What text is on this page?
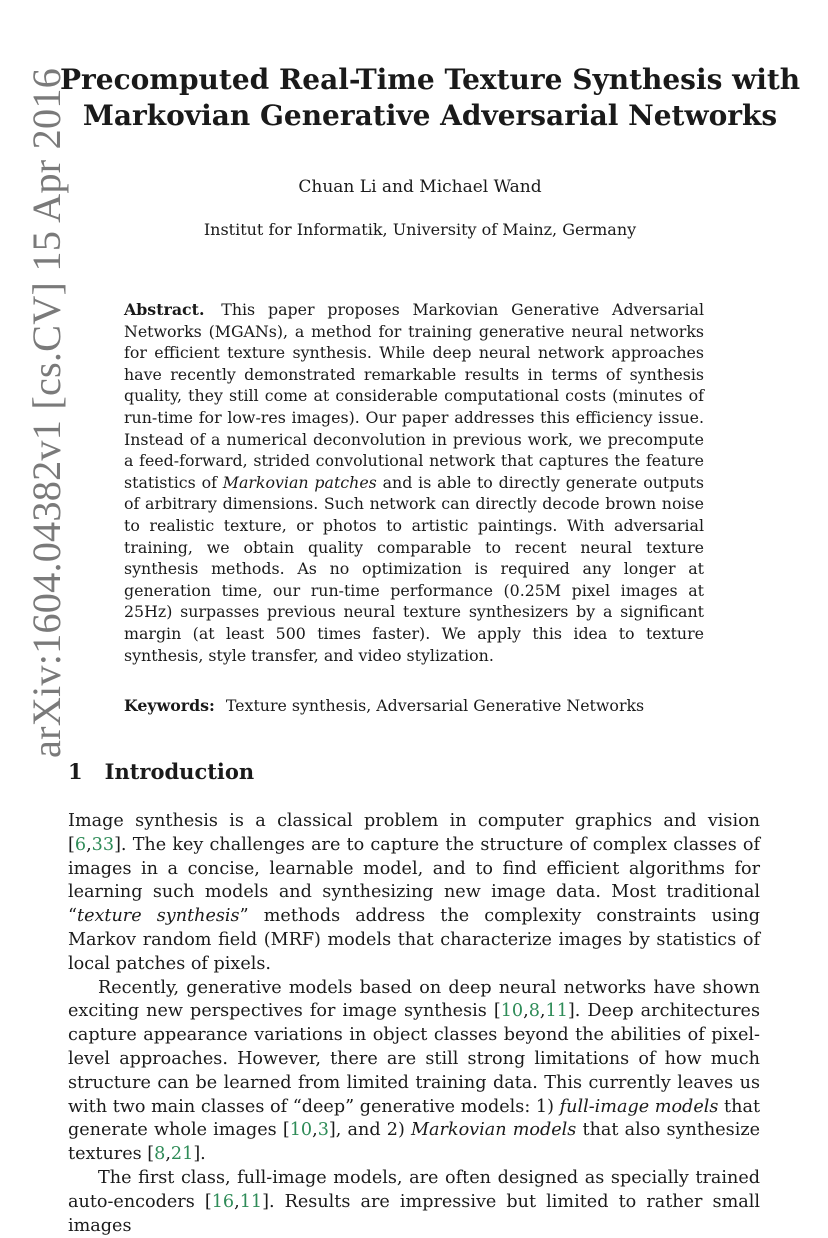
arXiv:1604.04382v1 [cs.CV] 15 Apr 2016
Precomputed Real-Time Texture Synthesis with
Markovian Generative Adversarial Networks
Chuan Li and Michael Wand
Institut for Informatik, University of Mainz, Germany
Abstract. This paper proposes Markovian Generative Adversarial Networks (MGANs), a method for training generative neural networks for efficient texture synthesis. While deep neural network approaches have recently demonstrated remarkable results in terms of synthesis quality, they still come at considerable computational costs (minutes of run-time for low-res images). Our paper addresses this efficiency issue. Instead of a numerical deconvolution in previous work, we precompute a feed-forward, strided convolutional network that captures the feature statistics of Markovian patches and is able to directly generate outputs of arbitrary dimensions. Such network can directly decode brown noise to realistic texture, or photos to artistic paintings. With adversarial training, we obtain quality comparable to recent neural texture synthesis methods. As no optimization is required any longer at generation time, our run-time performance (0.25M pixel images at 25Hz) surpasses previous neural texture synthesizers by a significant margin (at least 500 times faster). We apply this idea to texture synthesis, style transfer, and video stylization.
Keywords: Texture synthesis, Adversarial Generative Networks
1 Introduction

Image synthesis is a classical problem in computer graphics and vision [6,33]. The key challenges are to capture the structure of complex classes of images in a concise, learnable model, and to find efficient algorithms for learning such models and synthesizing new image data. Most traditional “texture synthesis” methods address the complexity constraints using Markov random field (MRF) models that characterize images by statistics of local patches of pixels.

Recently, generative models based on deep neural networks have shown exciting new perspectives for image synthesis [10,8,11]. Deep architectures capture appearance variations in object classes beyond the abilities of pixel-level approaches. However, there are still strong limitations of how much structure can be learned from limited training data. This currently leaves us with two main classes of “deep” generative models: 1) full-image models that generate whole images [10,3], and 2) Markovian models that also synthesize textures [8,21].

The first class, full-image models, are often designed as specially trained auto-encoders [16,11]. Results are impressive but limited to rather small images
